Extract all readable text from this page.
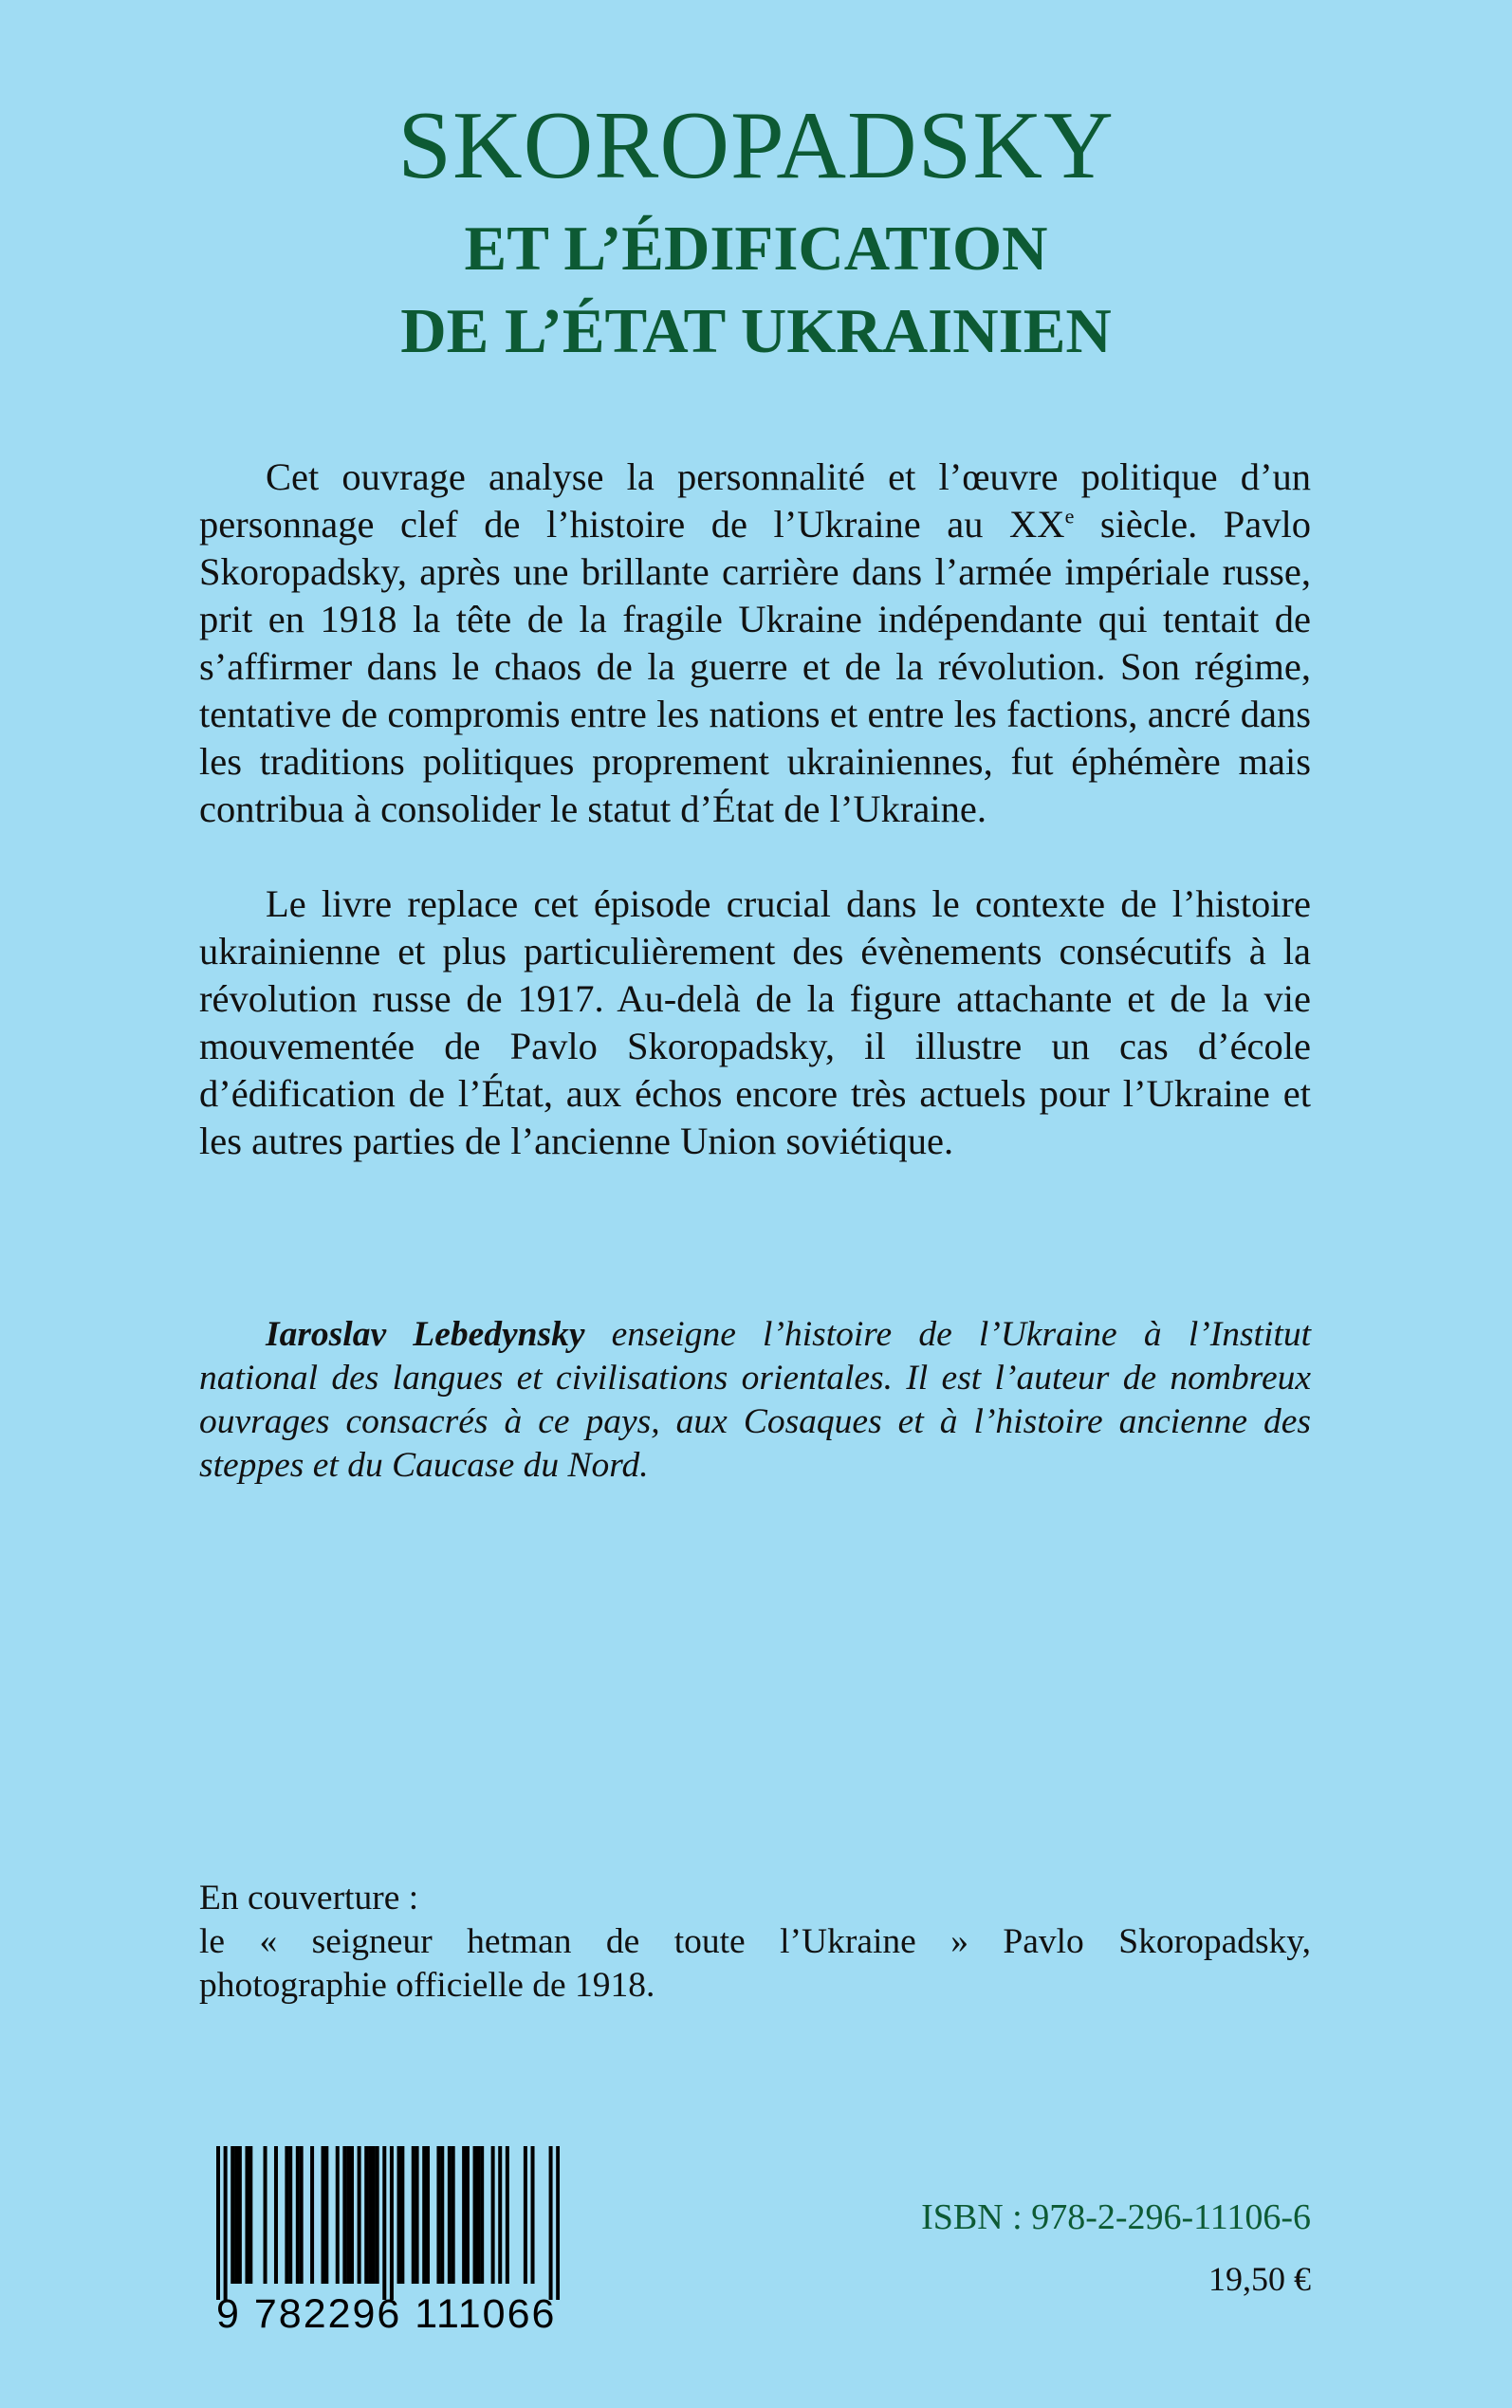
SKOROPADSKY
ET L’ÉDIFICATION
DE L’ÉTAT UKRAINIEN

Cet ouvrage analyse la personnalité et l’œuvre politique d’un personnage clef de l’histoire de l’Ukraine au XXe siècle. Pavlo Skoropadsky, après une brillante carrière dans l’armée impériale russe, prit en 1918 la tête de la fragile Ukraine indépendante qui tentait de s’affirmer dans le chaos de la guerre et de la révolution. Son régime, tentative de compromis entre les nations et entre les factions, ancré dans les traditions politiques proprement ukrainiennes, fut éphémère mais contribua à consolider le statut d’État de l’Ukraine.

Le livre replace cet épisode crucial dans le contexte de l’histoire ukrainienne et plus particulièrement des évènements consécutifs à la révolution russe de 1917. Au-delà de la figure attachante et de la vie mouvementée de Pavlo Skoropadsky, il illustre un cas d’école d’édification de l’État, aux échos encore très actuels pour l’Ukraine et les autres parties de l’ancienne Union soviétique.

Iaroslav Lebedynsky enseigne l’histoire de l’Ukraine à l’Institut national des langues et civilisations orientales. Il est l’auteur de nombreux ouvrages consacrés à ce pays, aux Cosaques et à l’histoire ancienne des steppes et du Caucase du Nord.
En couverture :
le « seigneur hetman de toute l’Ukraine » Pavlo Skoropadsky,
photographie officielle de 1918.
9 782296 111066
ISBN : 978-2-296-11106-6
19,50 €
